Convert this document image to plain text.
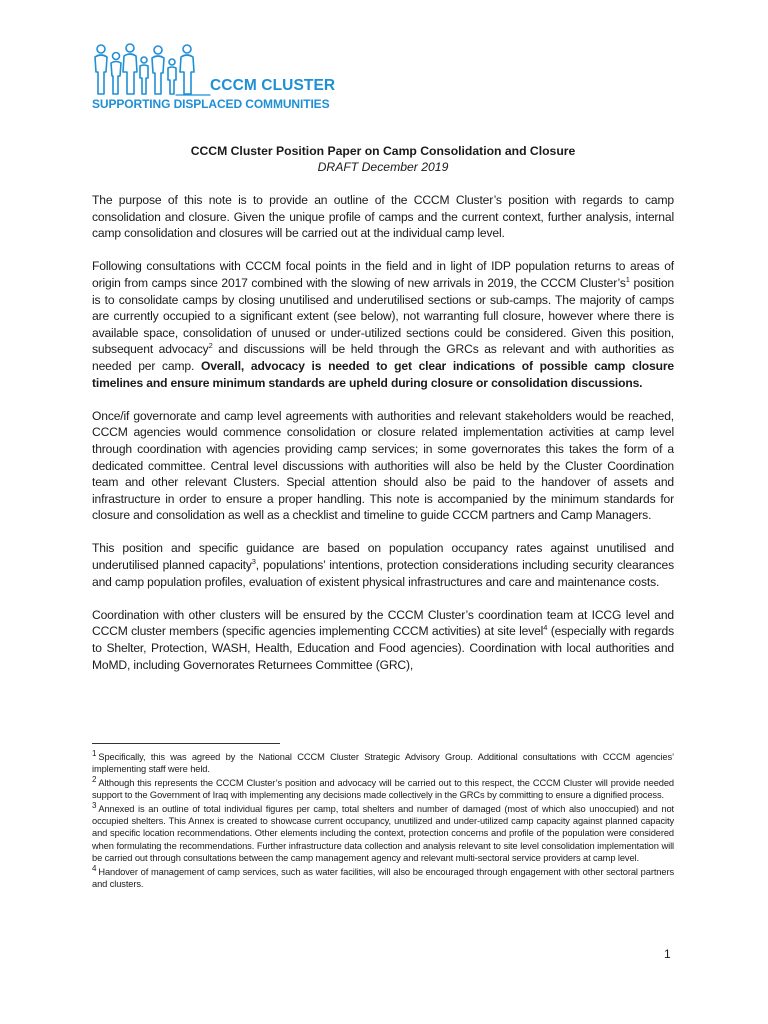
CCCM CLUSTER
SUPPORTING DISPLACED COMMUNITIES

CCCM Cluster Position Paper on Camp Consolidation and Closure

DRAFT December 2019

The purpose of this note is to provide an outline of the CCCM Cluster’s position with regards to camp consolidation and closure. Given the unique profile of camps and the current context, further analysis, internal camp consolidation and closures will be carried out at the individual camp level.

Following consultations with CCCM focal points in the field and in light of IDP population returns to areas of origin from camps since 2017 combined with the slowing of new arrivals in 2019, the CCCM Cluster’s$^1$ position is to consolidate camps by closing unutilised and underutilised sections or sub-camps. The majority of camps are currently occupied to a significant extent (see below), not warranting full closure, however where there is available space, consolidation of unused or under-utilized sections could be considered. Given this position, subsequent advocacy$^2$ and discussions will be held through the GRCs as relevant and with authorities as needed per camp. Overall, advocacy is needed to get clear indications of possible camp closure timelines and ensure minimum standards are upheld during closure or consolidation discussions.

Once/if governorate and camp level agreements with authorities and relevant stakeholders would be reached, CCCM agencies would commence consolidation or closure related implementation activities at camp level through coordination with agencies providing camp services; in some governorates this takes the form of a dedicated committee. Central level discussions with authorities will also be held by the Cluster Coordination team and other relevant Clusters. Special attention should also be paid to the handover of assets and infrastructure in order to ensure a proper handling. This note is accompanied by the minimum standards for closure and consolidation as well as a checklist and timeline to guide CCCM partners and Camp Managers.

This position and specific guidance are based on population occupancy rates against unutilised and underutilised planned capacity$^3$, populations’ intentions, protection considerations including security clearances and camp population profiles, evaluation of existent physical infrastructures and care and maintenance costs.

Coordination with other clusters will be ensured by the CCCM Cluster’s coordination team at ICCG level and CCCM cluster members (specific agencies implementing CCCM activities) at site level$^4$ (especially with regards to Shelter, Protection, WASH, Health, Education and Food agencies). Coordination with local authorities and MoMD, including Governorates Returnees Committee (GRC),

1 Specifically, this was agreed by the National CCCM Cluster Strategic Advisory Group. Additional consultations with CCCM agencies’ implementing staff were held.

2 Although this represents the CCCM Cluster’s position and advocacy will be carried out to this respect, the CCCM Cluster will provide needed support to the Government of Iraq with implementing any decisions made collectively in the GRCs by committing to ensure a dignified process.

3 Annexed is an outline of total individual figures per camp, total shelters and number of damaged (most of which also unoccupied) and not occupied shelters. This Annex is created to showcase current occupancy, unutilized and under-utilized camp capacity against planned capacity and specific location recommendations. Other elements including the context, protection concerns and profile of the population were considered when formulating the recommendations. Further infrastructure data collection and analysis relevant to site level consolidation implementation will be carried out through consultations between the camp management agency and relevant multi-sectoral service providers at camp level.

4 Handover of management of camp services, such as water facilities, will also be encouraged through engagement with other sectoral partners and clusters.

1
